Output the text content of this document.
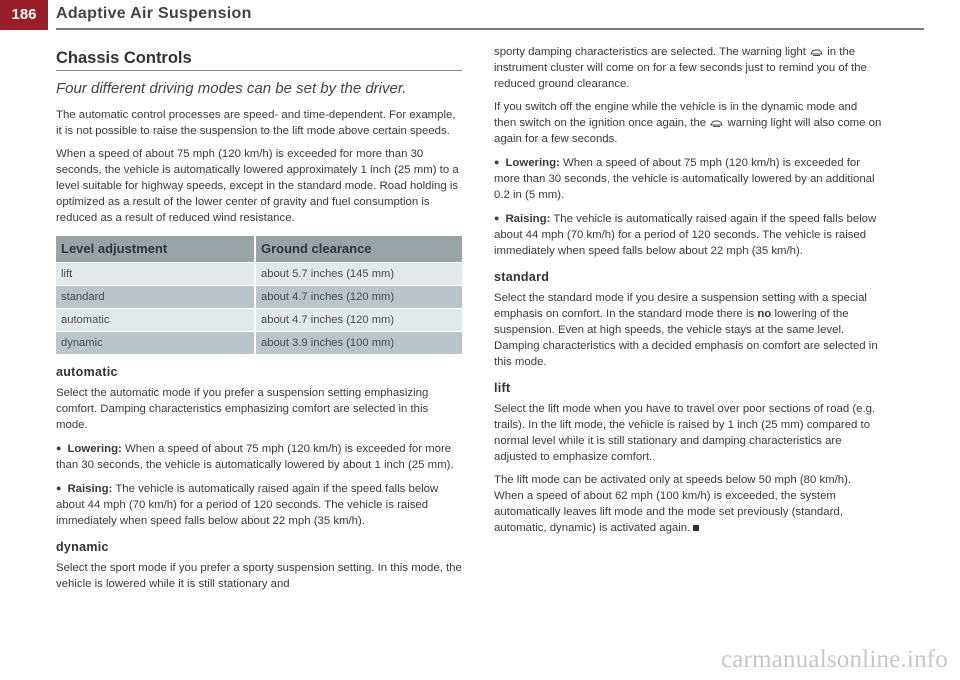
186	Adaptive Air Suspension
Chassis Controls
Four different driving modes can be set by the driver.

The automatic control processes are speed- and time-dependent. For example, it is not possible to raise the suspension to the lift mode above certain speeds.

When a speed of about 75 mph (120 km/h) is exceeded for more than 30 seconds, the vehicle is automatically lowered approximately 1 inch (25 mm) to a level suitable for highway speeds, except in the standard mode. Road holding is optimized as a result of the lower center of gravity and fuel consumption is reduced as a result of reduced wind resistance.

Level adjustment	Ground clearance
lift	about 5.7 inches (145 mm)
standard	about 4.7 inches (120 mm)
automatic	about 4.7 inches (120 mm)
dynamic	about 3.9 inches (100 mm)
automatic

Select the automatic mode if you prefer a suspension setting emphasizing comfort. Damping characteristics emphasizing comfort are selected in this mode.

● Lowering: When a speed of about 75 mph (120 km/h) is exceeded for more than 30 seconds, the vehicle is automatically lowered by about 1 inch (25 mm).

● Raising: The vehicle is automatically raised again if the speed falls below about 44 mph (70 km/h) for a period of 120 seconds. The vehicle is raised immediately when speed falls below about 22 mph (35 km/h).

dynamic

Select the sport mode if you prefer a sporty suspension setting. In this mode, the vehicle is lowered while it is still stationary and

sporty damping characteristics are selected. The warning light  in the instrument cluster will come on for a few seconds just to remind you of the reduced ground clearance.

If you switch off the engine while the vehicle is in the dynamic mode and then switch on the ignition once again, the  warning light will also come on again for a few seconds.

● Lowering: When a speed of about 75 mph (120 km/h) is exceeded for more than 30 seconds, the vehicle is automatically lowered by an additional 0.2 in (5 mm).

● Raising: The vehicle is automatically raised again if the speed falls below about 44 mph (70 km/h) for a period of 120 seconds. The vehicle is raised immediately when speed falls below about 22 mph (35 km/h).

standard

Select the standard mode if you desire a suspension setting with a special emphasis on comfort. In the standard mode there is no lowering of the suspension. Even at high speeds, the vehicle stays at the same level. Damping characteristics with a decided emphasis on comfort are selected in this mode.

lift

Select the lift mode when you have to travel over poor sections of road (e.g. trails). In the lift mode, the vehicle is raised by 1 inch (25 mm) compared to normal level while it is still stationary and damping characteristics are adjusted to emphasize comfort.

The lift mode can be activated only at speeds below 50 mph (80 km/h). When a speed of about 62 mph (100 km/h) is exceeded, the system automatically leaves lift mode and the mode set previously (standard, automatic, dynamic) is activated again.

carmanualsonline.info
